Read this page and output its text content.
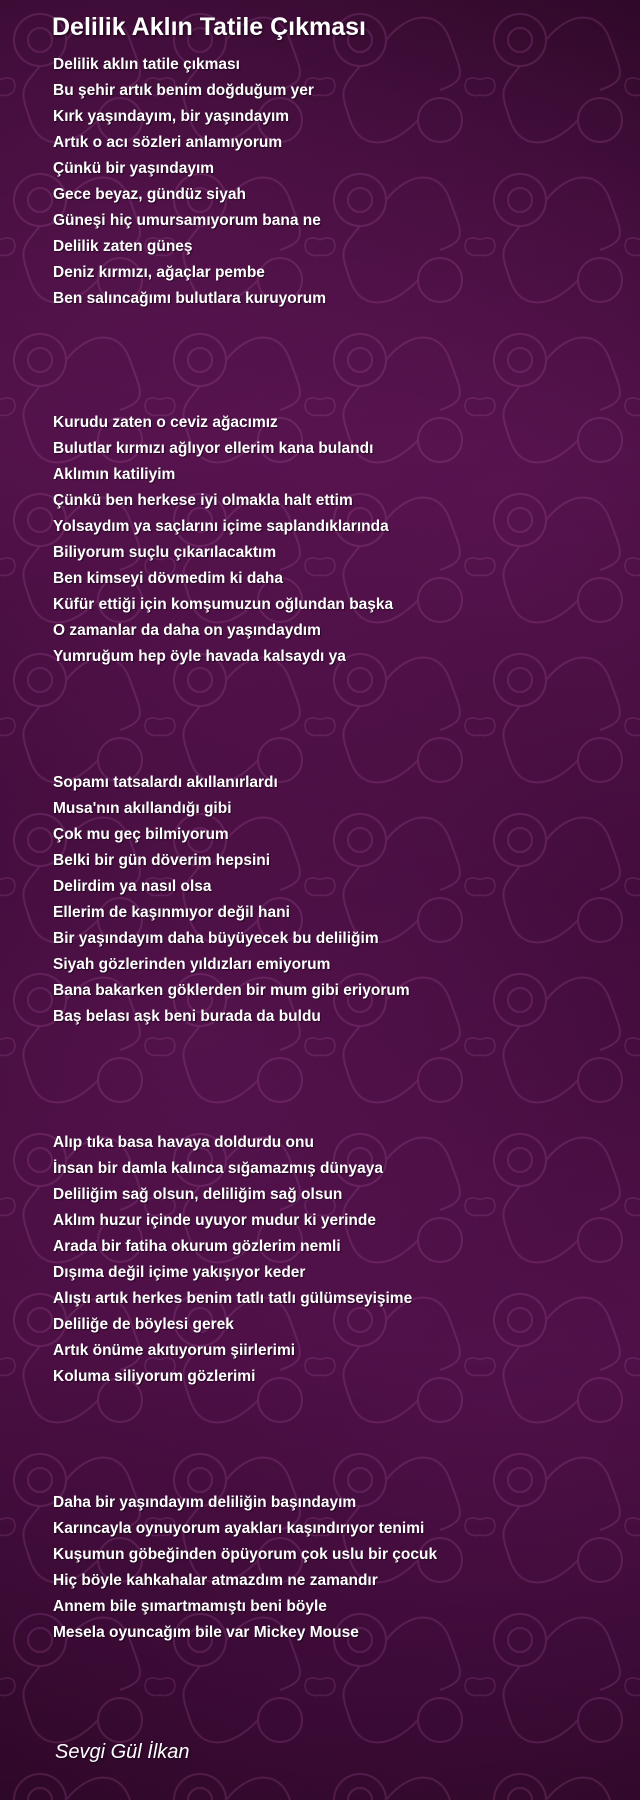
Delilik Aklın Tatile Çıkması
Delilik aklın tatile çıkması
Bu şehir artık benim doğduğum yer
Kırk yaşındayım, bir yaşındayım
Artık o acı sözleri anlamıyorum
Çünkü bir yaşındayım
Gece beyaz, gündüz siyah
Güneşi hiç umursamıyorum bana ne
Delilik zaten güneş
Deniz kırmızı, ağaçlar pembe
Ben salıncağımı bulutlara kuruyorum
Kurudu zaten o ceviz ağacımız
Bulutlar kırmızı ağlıyor ellerim kana bulandı
Aklımın katiliyim
Çünkü ben herkese iyi olmakla halt ettim
Yolsaydım ya saçlarını içime saplandıklarında
Biliyorum suçlu çıkarılacaktım
Ben kimseyi dövmedim ki daha
Küfür ettiği için komşumuzun oğlundan başka
O zamanlar da daha on yaşındaydım
Yumruğum hep öyle havada kalsaydı ya
Sopamı tatsalardı akıllanırlardı
Musa'nın akıllandığı gibi
Çok mu geç bilmiyorum
Belki bir gün döverim hepsini
Delirdim ya nasıl olsa
Ellerim de kaşınmıyor değil hani
Bir yaşındayım daha büyüyecek bu deliliğim
Siyah gözlerinden yıldızları emiyorum
Bana bakarken göklerden bir mum gibi eriyorum
Baş belası aşk beni burada da buldu
Alıp tıka basa havaya doldurdu onu
İnsan bir damla kalınca sığamazmış dünyaya
Deliliğim sağ olsun, deliliğim sağ olsun
Aklım huzur içinde uyuyor mudur ki yerinde
Arada bir fatiha okurum gözlerim nemli
Dışıma değil içime yakışıyor keder
Alıştı artık herkes benim tatlı tatlı gülümseyişime
Deliliğe de böylesi gerek
Artık önüme akıtıyorum şiirlerimi
Koluma siliyorum gözlerimi
Daha bir yaşındayım deliliğin başındayım
Karıncayla oynuyorum ayakları kaşındırıyor tenimi
Kuşumun göbeğinden öpüyorum çok uslu bir çocuk
Hiç böyle kahkahalar atmazdım ne zamandır
Annem bile şımartmamıştı beni böyle
Mesela oyuncağım bile var Mickey Mouse
Sevgi Gül İlkan
